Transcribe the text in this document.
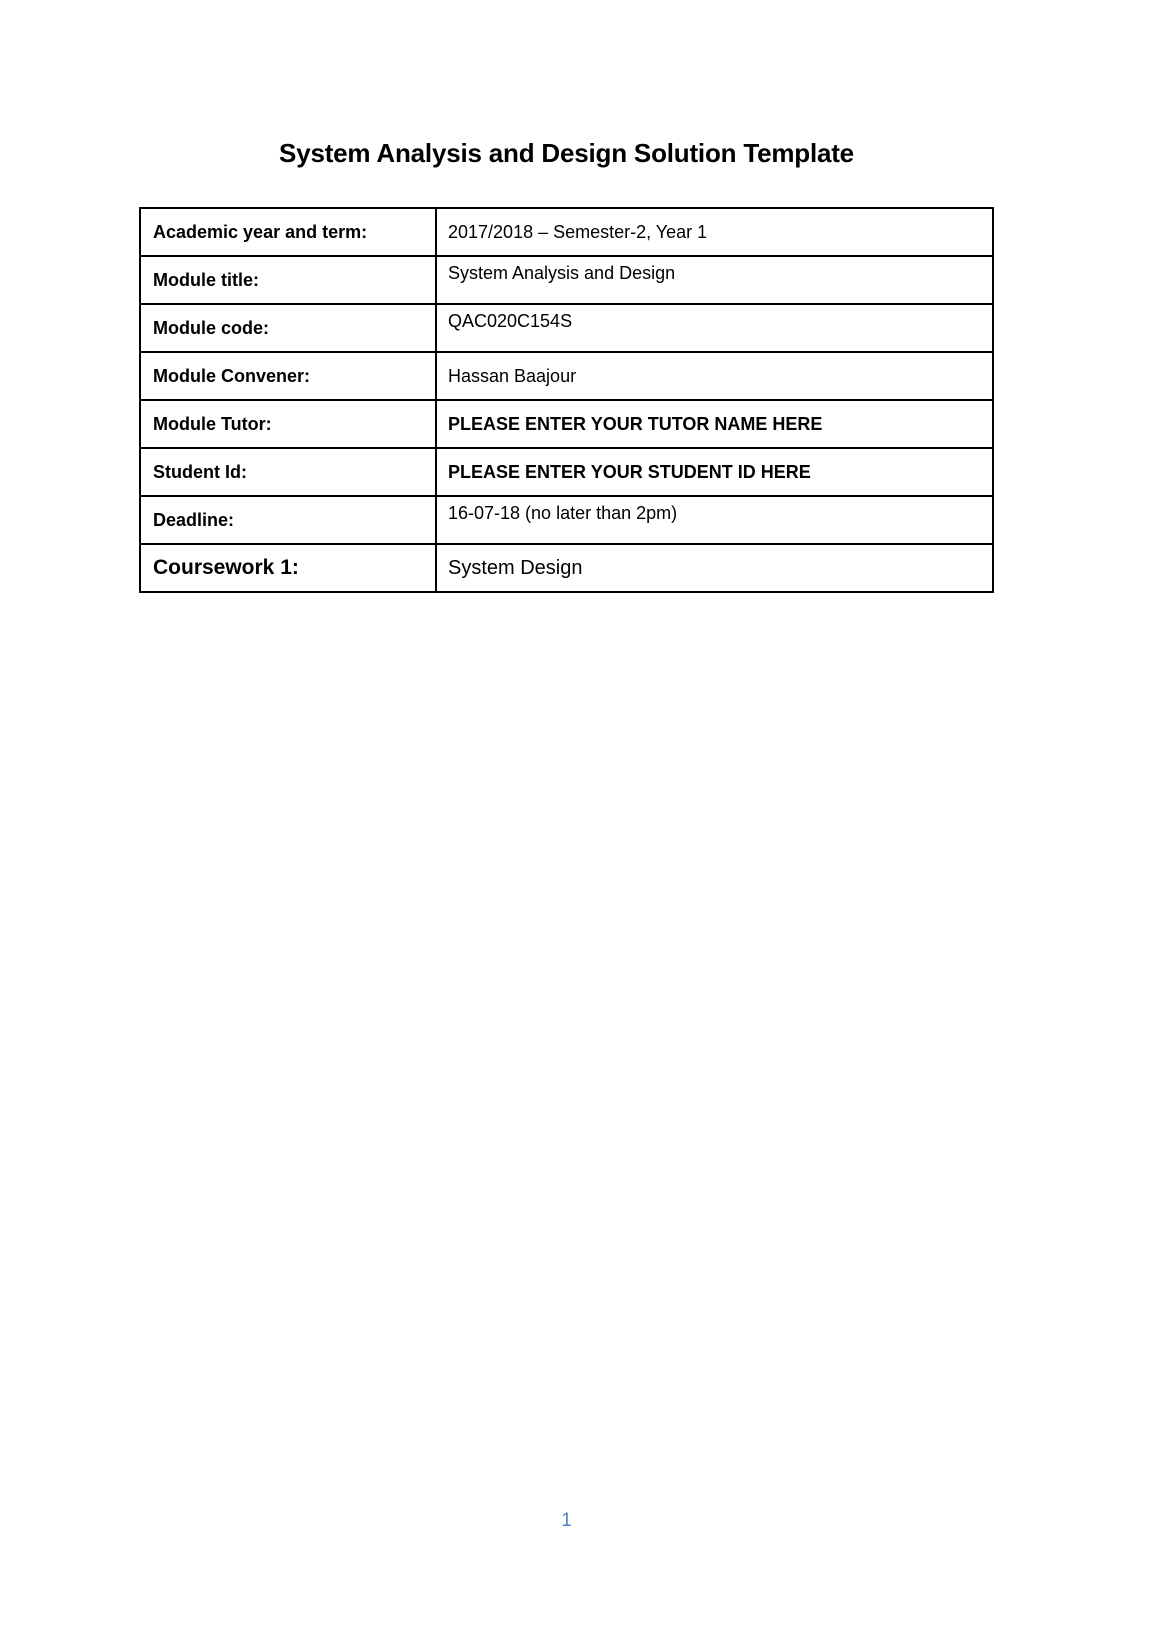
System Analysis and Design Solution Template
Academic year and term:	2017/2018 – Semester-2, Year 1
Module title:	System Analysis and Design
Module code:	QAC020C154S
Module Convener:	Hassan Baajour
Module Tutor:	PLEASE ENTER YOUR TUTOR NAME HERE
Student Id:	PLEASE ENTER YOUR STUDENT ID HERE
Deadline:	16-07-18 (no later than 2pm)
Coursework 1:	System Design
1
